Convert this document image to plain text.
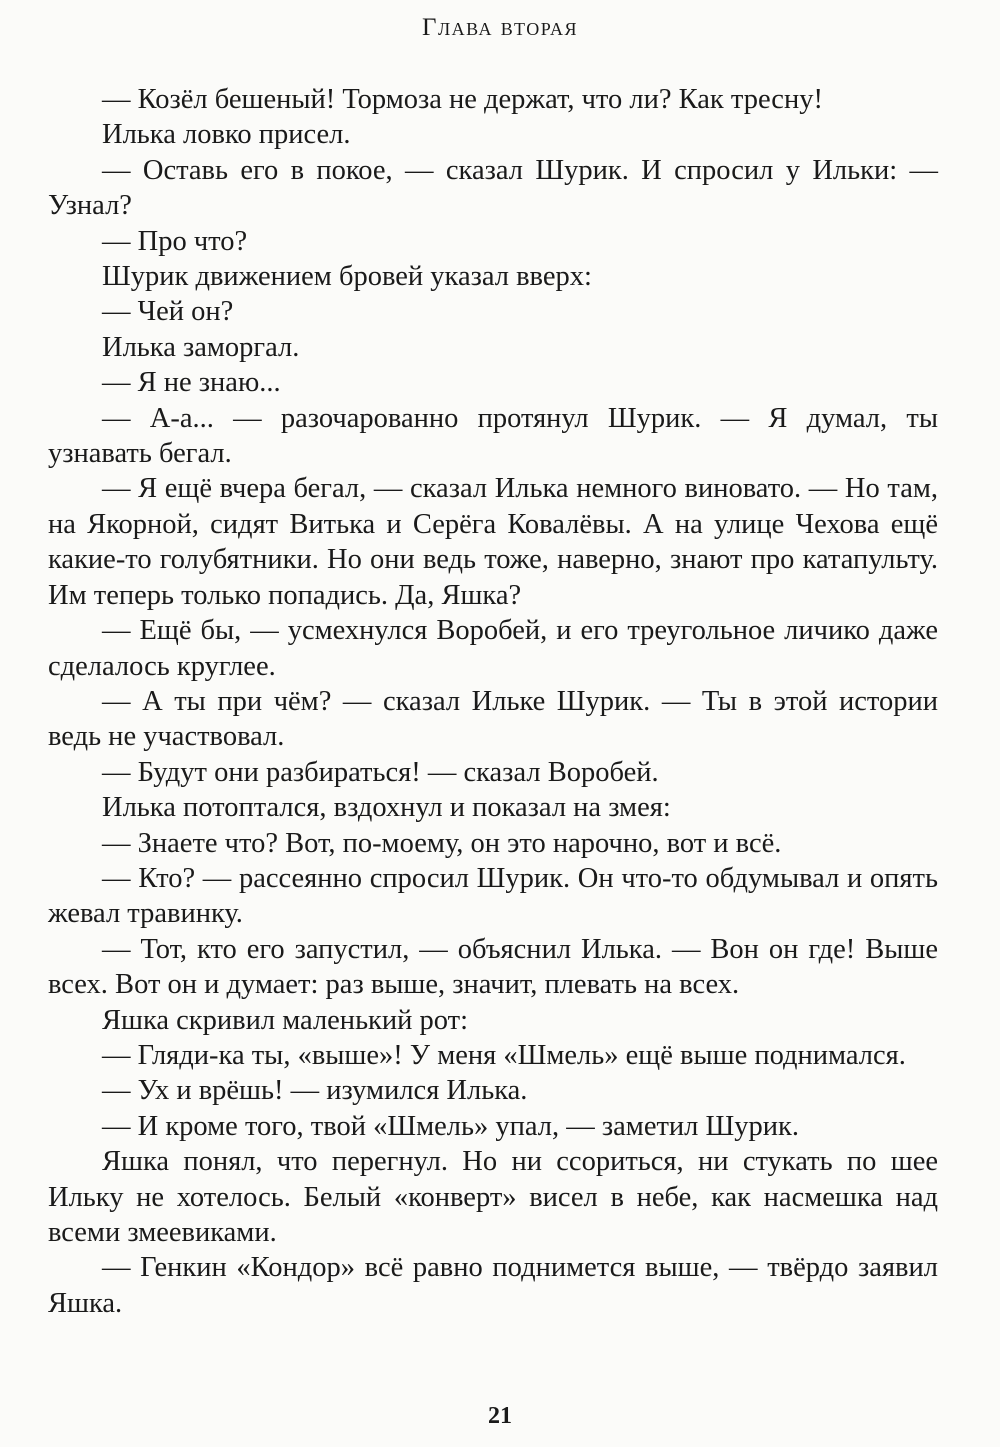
Глава вторая

— Козёл бешеный! Тормоза не держат, что ли? Как тресну!

Илька ловко присел.

— Оставь его в покое, — сказал Шурик. И спросил у Ильки: — Узнал?

— Про что?

Шурик движением бровей указал вверх:

— Чей он?

Илька заморгал.

— Я не знаю...

— А-а... — разочарованно протянул Шурик. — Я думал, ты узнавать бегал.

— Я ещё вчера бегал, — сказал Илька немного виновато. — Но там, на Якорной, сидят Витька и Серёга Ковалёвы. А на улице Чехова ещё какие-то голубятники. Но они ведь тоже, наверно, знают про катапульту. Им теперь только попадись. Да, Яшка?

— Ещё бы, — усмехнулся Воробей, и его треугольное личико даже сделалось круглее.

— А ты при чём? — сказал Ильке Шурик. — Ты в этой истории ведь не участвовал.

— Будут они разбираться! — сказал Воробей.

Илька потоптался, вздохнул и показал на змея:

— Знаете что? Вот, по-моему, он это нарочно, вот и всё.

— Кто? — рассеянно спросил Шурик. Он что-то обдумывал и опять жевал травинку.

— Тот, кто его запустил, — объяснил Илька. — Вон он где! Выше всех. Вот он и думает: раз выше, значит, плевать на всех.

Яшка скривил маленький рот:

— Гляди-ка ты, «выше»! У меня «Шмель» ещё выше поднимался.

— Ух и врёшь! — изумился Илька.

— И кроме того, твой «Шмель» упал, — заметил Шурик.

Яшка понял, что перегнул. Но ни ссориться, ни стукать по шее Ильку не хотелось. Белый «конверт» висел в небе, как насмешка над всеми змеевиками.

— Генкин «Кондор» всё равно поднимется выше, — твёрдо заявил Яшка.

21
